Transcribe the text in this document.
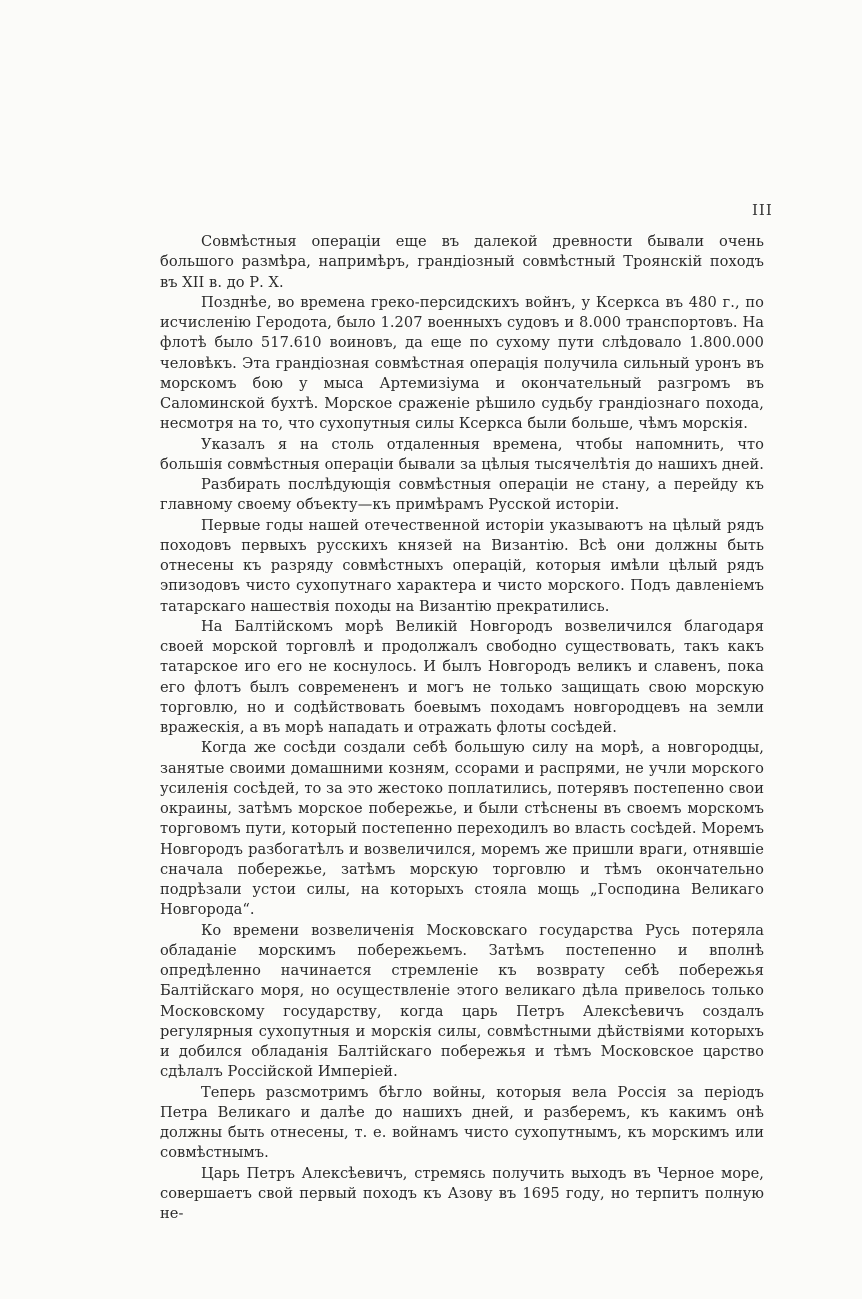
III

Совмѣстныя операціи еще въ далекой древности бывали очень большого размѣра, напримѣръ, грандіозный совмѣстный Троянскій походъ въ XII в. до Р. Х.

Позднѣе, во времена греко-персидскихъ войнъ, у Ксеркса въ 480 г., по исчисленію Геродота, было 1.207 военныхъ судовъ и 8.000 транспортовъ. На флотѣ было 517.610 воиновъ, да еще по сухому пути слѣдовало 1.800.000 человѣкъ. Эта грандіозная совмѣстная операція получила сильный уронъ въ морскомъ бою у мыса Артемизіума и окончательный разгромъ въ Саломинской бухтѣ. Морское сраженіе рѣшило судьбу грандіознаго похода, несмотря на то, что сухопутныя силы Ксеркса были больше, чѣмъ морскія.

Указалъ я на столь отдаленныя времена, чтобы напомнить, что большія совмѣстныя операціи бывали за цѣлыя тысячелѣтія до нашихъ дней.

Разбирать послѣдующія совмѣстныя операціи не стану, а перейду къ главному своему объекту—къ примѣрамъ Русской исторіи.

Первые годы нашей отечественной исторіи указываютъ на цѣлый рядъ походовъ первыхъ русскихъ князей на Византію. Всѣ они должны быть отнесены къ разряду совмѣстныхъ операцій, которыя имѣли цѣлый рядъ эпизодовъ чисто сухопутнаго характера и чисто морского. Подъ давленіемъ татарскаго нашествія походы на Византію прекратились.

На Балтійскомъ морѣ Великій Новгородъ возвеличился благодаря своей морской торговлѣ и продолжалъ свободно существовать, такъ какъ татарское иго его не коснулось. И былъ Новгородъ великъ и славенъ, пока его флотъ былъ современенъ и могъ не только защищать свою морскую торговлю, но и содѣйствовать боевымъ походамъ новгородцевъ на земли вражескія, а въ морѣ нападать и отражать флоты сосѣдей.

Когда же сосѣди создали себѣ большую силу на морѣ, а новгородцы, занятые своими домашними козням, ссорами и распрями, не учли морского усиленія сосѣдей, то за это жестоко поплатились, потерявъ постепенно свои окраины, затѣмъ морское побережье, и были стѣснены въ своемъ морскомъ торговомъ пути, который постепенно переходилъ во власть сосѣдей. Моремъ Новгородъ разбогатѣлъ и возвеличился, моремъ же пришли враги, отнявшіе сначала побережье, затѣмъ морскую торговлю и тѣмъ окончательно подрѣзали устои силы, на которыхъ стояла мощь „Господина Великаго Новгорода“.

Ко времени возвеличенія Московскаго государства Русь потеряла обладаніе морскимъ побережьемъ. Затѣмъ постепенно и вполнѣ опредѣленно начинается стремленіе къ возврату себѣ побережья Балтійскаго моря, но осуществленіе этого великаго дѣла привелось только Московскому государству, когда царь Петръ Алексѣевичъ создалъ регулярныя сухопутныя и морскія силы, совмѣстными дѣйствіями которыхъ и добился обладанія Балтійскаго побережья и тѣмъ Московское царство сдѣлалъ Россійской Имперіей.

Теперь разсмотримъ бѣгло войны, которыя вела Россія за періодъ Петра Великаго и далѣе до нашихъ дней, и разберемъ, къ какимъ онѣ должны быть отнесены, т. е. войнамъ чисто сухопутнымъ, къ морскимъ или совмѣстнымъ.

Царь Петръ Алексѣевичъ, стремясь получить выходъ въ Черное море, совершаетъ свой первый походъ къ Азову въ 1695 году, но терпитъ полную не-
